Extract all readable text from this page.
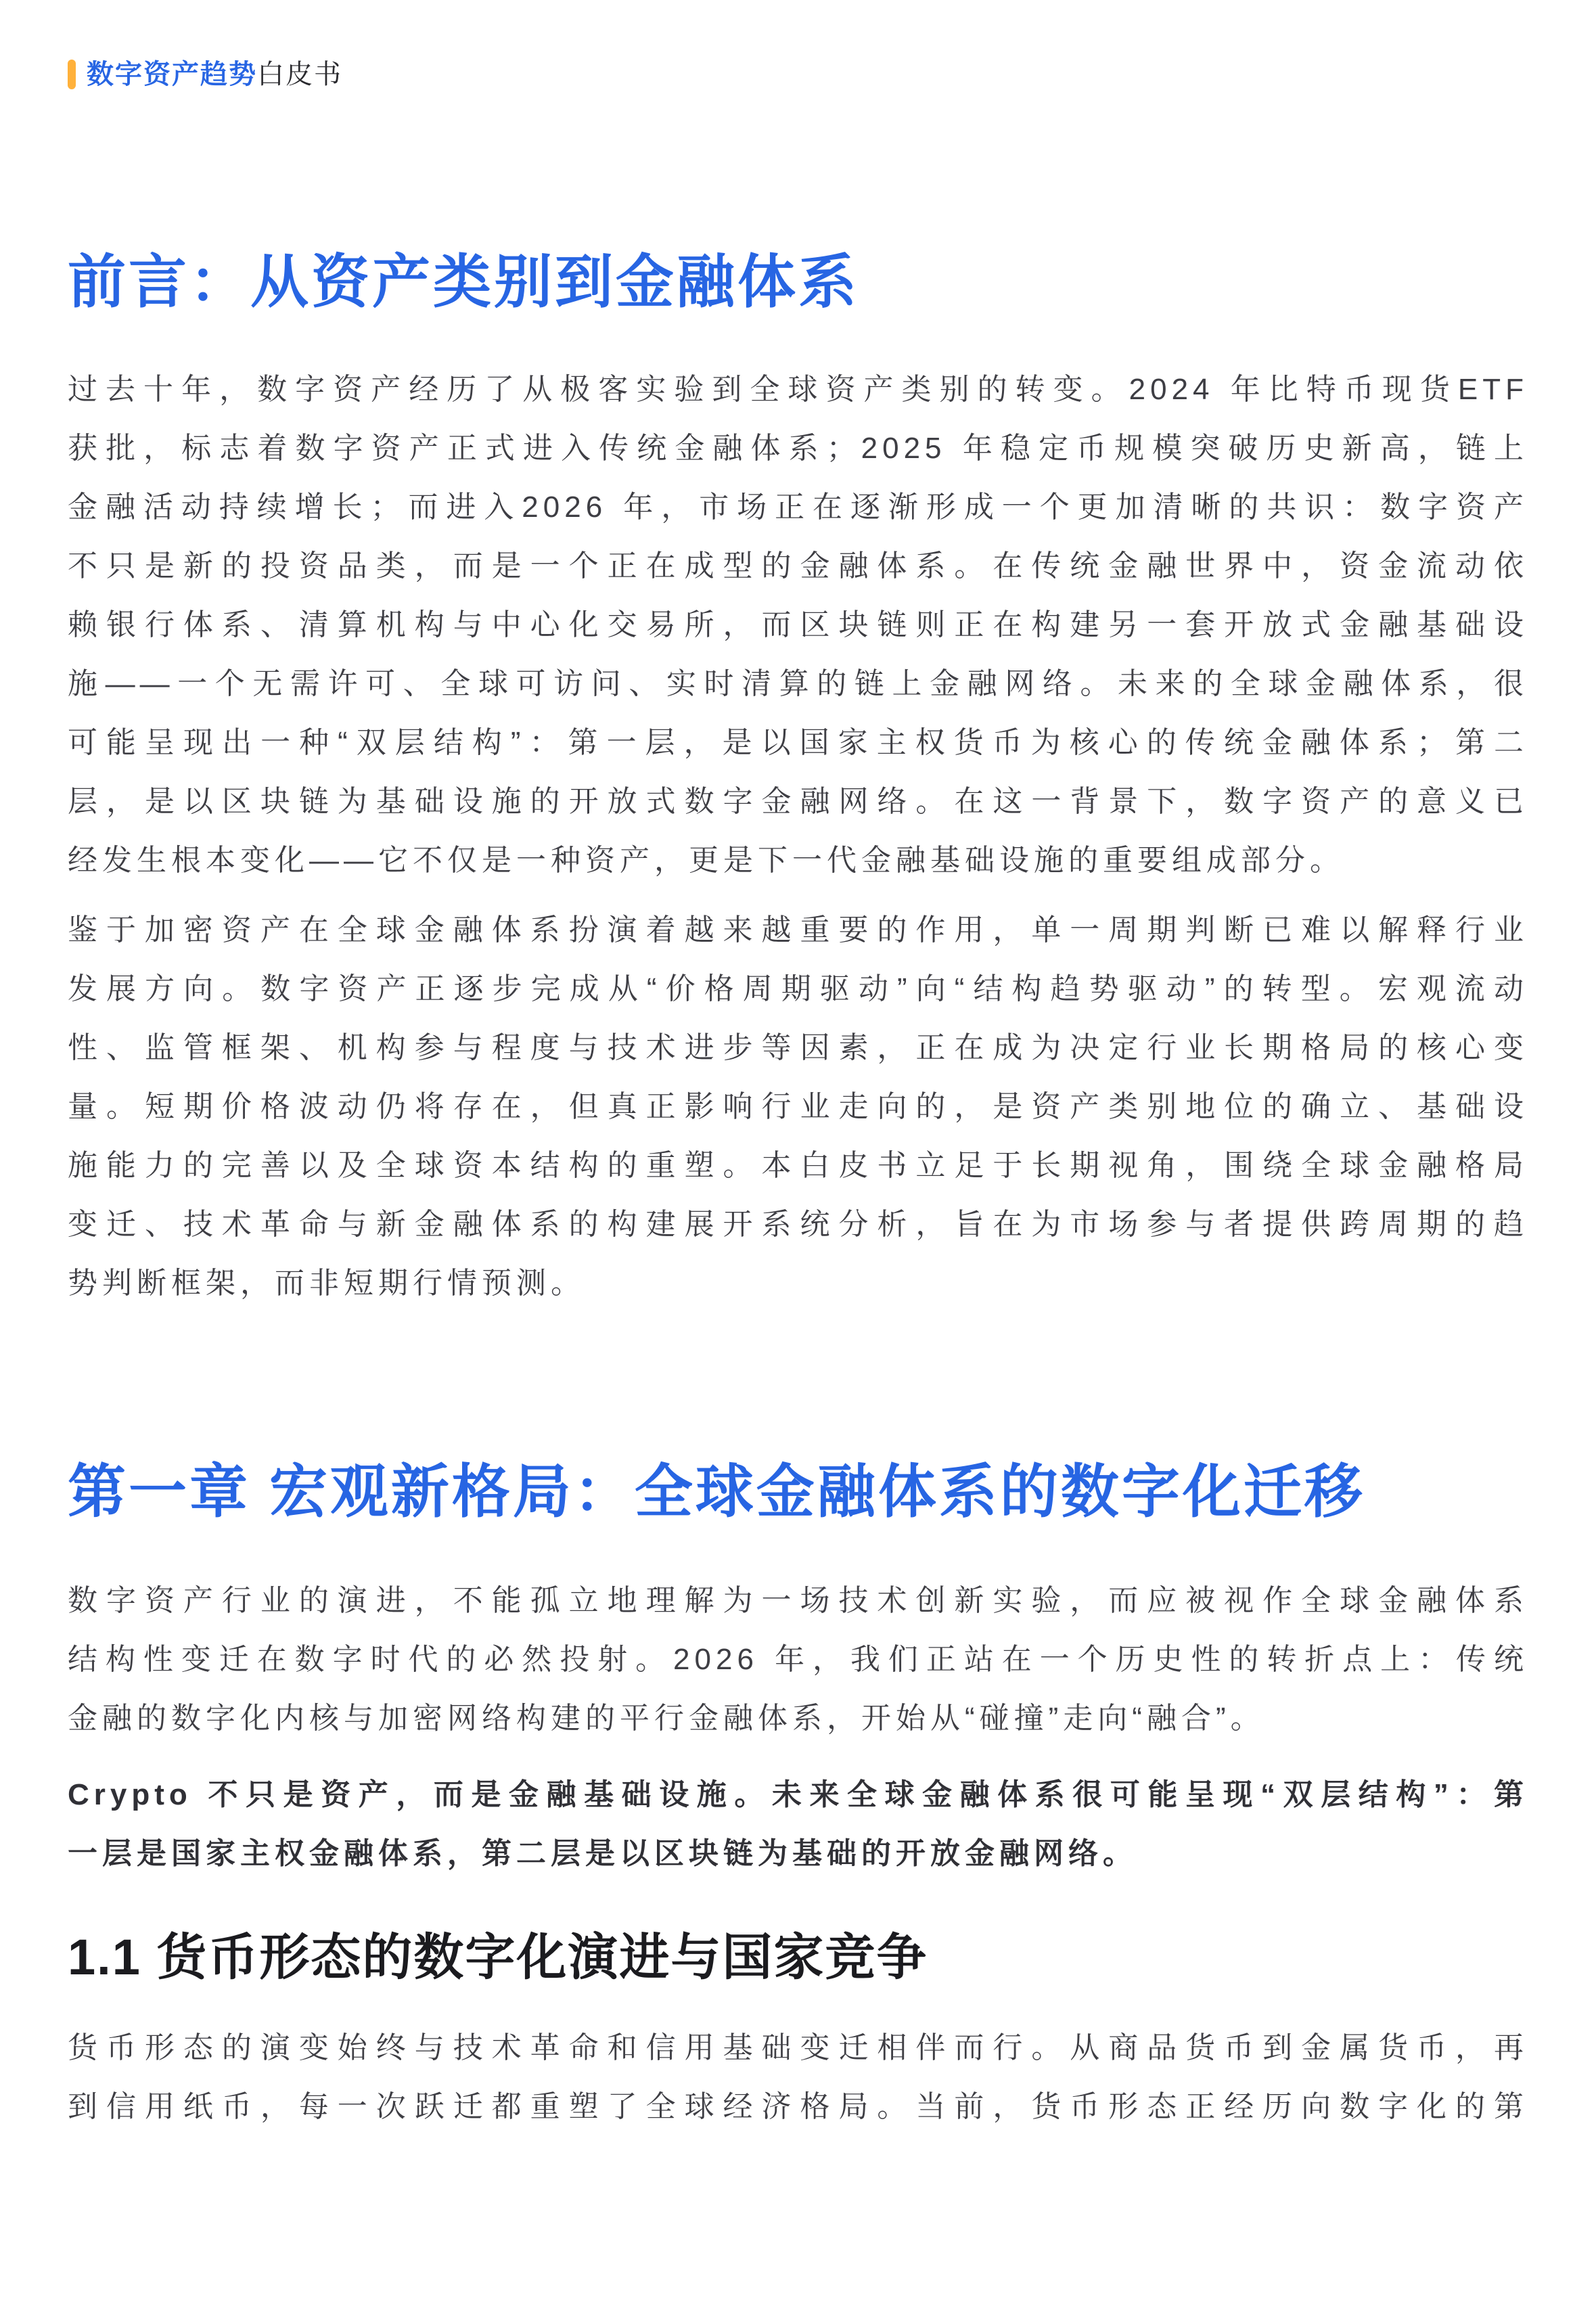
数字资产趋势白皮书
前言：从资产类别到金融体系
过去十年，数字资产经历了从极客实验到全球资产类别的转变。2024 年比特币现货ETF
获批，标志着数字资产正式进入传统金融体系；2025 年稳定币规模突破历史新高，链上
金融活动持续增长；而进入2026 年，市场正在逐渐形成一个更加清晰的共识：数字资产
不只是新的投资品类，而是一个正在成型的金融体系。在传统金融世界中，资金流动依
赖银行体系、清算机构与中心化交易所，而区块链则正在构建另一套开放式金融基础设
施——一个无需许可、全球可访问、实时清算的链上金融网络。未来的全球金融体系，很
可能呈现出一种“双层结构”：第一层，是以国家主权货币为核心的传统金融体系；第二
层，是以区块链为基础设施的开放式数字金融网络。在这一背景下，数字资产的意义已
经发生根本变化——它不仅是一种资产，更是下一代金融基础设施的重要组成部分。
鉴于加密资产在全球金融体系扮演着越来越重要的作用，单一周期判断已难以解释行业
发展方向。数字资产正逐步完成从“价格周期驱动”向“结构趋势驱动”的转型。宏观流动
性、监管框架、机构参与程度与技术进步等因素，正在成为决定行业长期格局的核心变
量。短期价格波动仍将存在，但真正影响行业走向的，是资产类别地位的确立、基础设
施能力的完善以及全球资本结构的重塑。本白皮书立足于长期视角，围绕全球金融格局
变迁、技术革命与新金融体系的构建展开系统分析，旨在为市场参与者提供跨周期的趋
势判断框架，而非短期行情预测。
第一章 宏观新格局：全球金融体系的数字化迁移
数字资产行业的演进，不能孤立地理解为一场技术创新实验，而应被视作全球金融体系
结构性变迁在数字时代的必然投射。2026 年，我们正站在一个历史性的转折点上：传统
金融的数字化内核与加密网络构建的平行金融体系，开始从“碰撞”走向“融合”。
Crypto 不只是资产，而是金融基础设施。未来全球金融体系很可能呈现“双层结构”：第
一层是国家主权金融体系，第二层是以区块链为基础的开放金融网络。
1.1 货币形态的数字化演进与国家竞争
货币形态的演变始终与技术革命和信用基础变迁相伴而行。从商品货币到金属货币，再
到信用纸币，每一次跃迁都重塑了全球经济格局。当前，货币形态正经历向数字化的第
